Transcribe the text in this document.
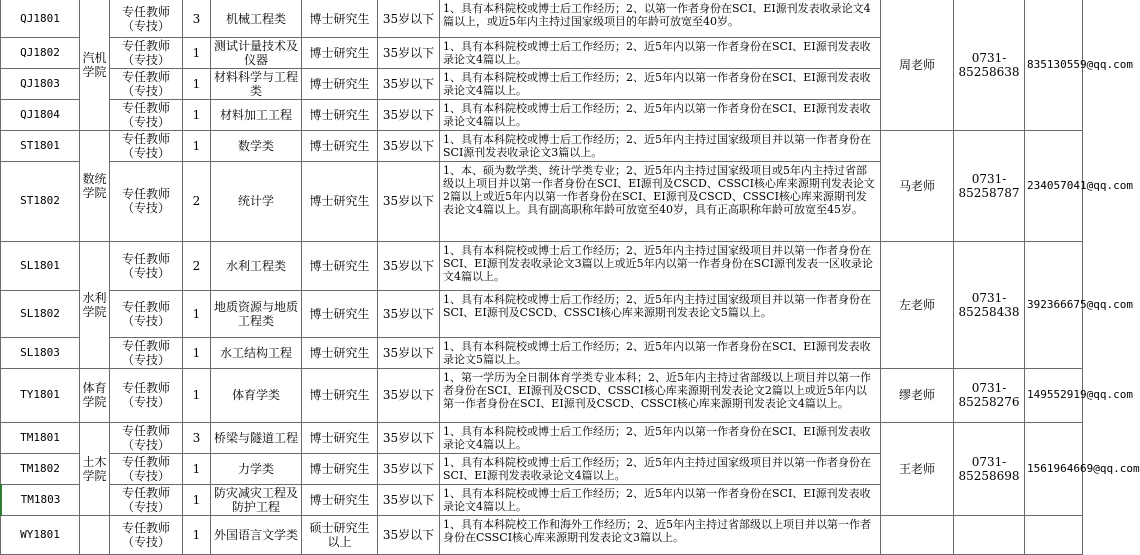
QJ1801	汽机学院	专任教师（专技）	3	机械工程类	博士研究生	35岁以下	1、具有本科院校或博士后工作经历；2、以第一作者身份在SCI、EI源刊发表收录论文4篇以上，或近5年内主持过国家级项目的年龄可放宽至40岁。	周老师	0731-85258638	835130559@qq.com
QJ1802		专任教师（专技）	1	测试计量技术及仪器	博士研究生	35岁以下	1、具有本科院校或博士后工作经历；2、近5年内以第一作者身份在SCI、EI源刊发表收录论文4篇以上。			
QJ1803		专任教师（专技）	1	材料科学与工程类	博士研究生	35岁以下	1、具有本科院校或博士后工作经历；2、近5年内以第一作者身份在SCI、EI源刊发表收录论文4篇以上。			
QJ1804		专任教师（专技）	1	材料加工工程	博士研究生	35岁以下	1、具有本科院校或博士后工作经历；2、近5年内以第一作者身份在SCI、EI源刊发表收录论文4篇以上。			
ST1801	数统学院	专任教师（专技）	1	数学类	博士研究生	35岁以下	1、具有本科院校或博士后工作经历；2、近5年内主持过国家级项目并以第一作者身份在SCI源刊发表收录论文3篇以上。	马老师	0731-85258787	234057041@qq.com
ST1802		专任教师（专技）	2	统计学	博士研究生	35岁以下	1、本、硕为数学类、统计学类专业；2、近5年内主持过国家级项目或5年内主持过省部级以上项目并以第一作者身份在SCI、EI源刊及CSCD、CSSCI核心库来源期刊发表论文2篇以上或近5年内以第一作者身份在SCI、EI源刊及CSCD、CSSCI核心库来源期刊发表论文4篇以上。具有副高职称年龄可放宽至40岁，具有正高职称年龄可放宽至45岁。			
SL1801	水利学院	专任教师（专技）	2	水利工程类	博士研究生	35岁以下	1、具有本科院校或博士后工作经历；2、近5年内主持过国家级项目并以第一作者身份在SCI、EI源刊发表收录论文3篇以上或近5年内以第一作者身份在SCI源刊发表一区收录论文4篇以上。	左老师	0731-85258438	392366675@qq.com
SL1802		专任教师（专技）	1	地质资源与地质工程类	博士研究生	35岁以下	1、具有本科院校或博士后工作经历；2、近5年内主持过国家级项目并以第一作者身份在SCI、EI源刊及CSCD、CSSCI核心库来源期刊发表论文5篇以上。			
SL1803		专任教师（专技）	1	水工结构工程	博士研究生	35岁以下	1、具有本科院校或博士后工作经历；2、近5年内以第一作者身份在SCI、EI源刊发表收录论文5篇以上。			
TY1801	体育学院	专任教师（专技）	1	体育学类	博士研究生	35岁以下	1、第一学历为全日制体育学类专业本科；2、近5年内主持过省部级以上项目并以第一作者身份在SCI、EI源刊及CSCD、CSSCI核心库来源期刊发表论文2篇以上或近5年内以第一作者身份在SCI、EI源刊及CSCD、CSSCI核心库来源期刊发表论文4篇以上。	缪老师	0731-85258276	149552919@qq.com
TM1801	土木学院	专任教师（专技）	3	桥梁与隧道工程	博士研究生	35岁以下	1、具有本科院校或博士后工作经历；2、近5年内以第一作者身份在SCI、EI源刊发表收录论文4篇以上。	王老师	0731-85258698	1561964669@qq.com
TM1802		专任教师（专技）	1	力学类	博士研究生	35岁以下	1、具有本科院校或博士后工作经历；2、近5年内主持过国家级项目并以第一作者身份在SCI、EI源刊发表收录论文4篇以上。			
TM1803		专任教师（专技）	1	防灾减灾工程及防护工程	博士研究生	35岁以下	1、具有本科院校或博士后工作经历；2、近5年内以第一作者身份在SCI、EI源刊发表收录论文4篇以上。			
WY1801		专任教师（专技）	1	外国语言文学类	硕士研究生以上	35岁以下	1、具有本科院校工作和海外工作经历；2、近5年内主持过省部级以上项目并以第一作者身份在CSSCI核心库来源期刊发表论文3篇以上。			
